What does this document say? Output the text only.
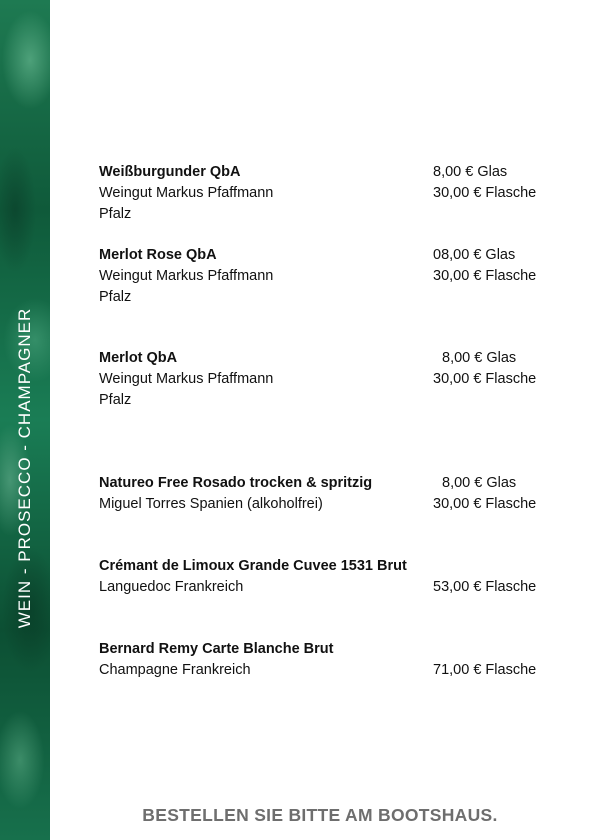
WEIN - PROSECCO - CHAMPAGNER
Weißburgunder QbA	8,00 € Glas
Weingut Markus Pfaffmann	30,00 € Flasche
Pfalz
Merlot Rose QbA	08,00 € Glas
Weingut Markus Pfaffmann	30,00 € Flasche
Pfalz
Merlot QbA	8,00 € Glas
Weingut Markus Pfaffmann	30,00 € Flasche
Pfalz
Natureo Free Rosado trocken & spritzig	8,00 € Glas
Miguel Torres Spanien (alkoholfrei)	30,00 € Flasche
Crémant de Limoux Grande Cuvee 1531 Brut
Languedoc Frankreich	53,00 € Flasche
Bernard Remy Carte Blanche Brut
Champagne Frankreich	71,00 € Flasche
BESTELLEN SIE BITTE AM BOOTSHAUS.
